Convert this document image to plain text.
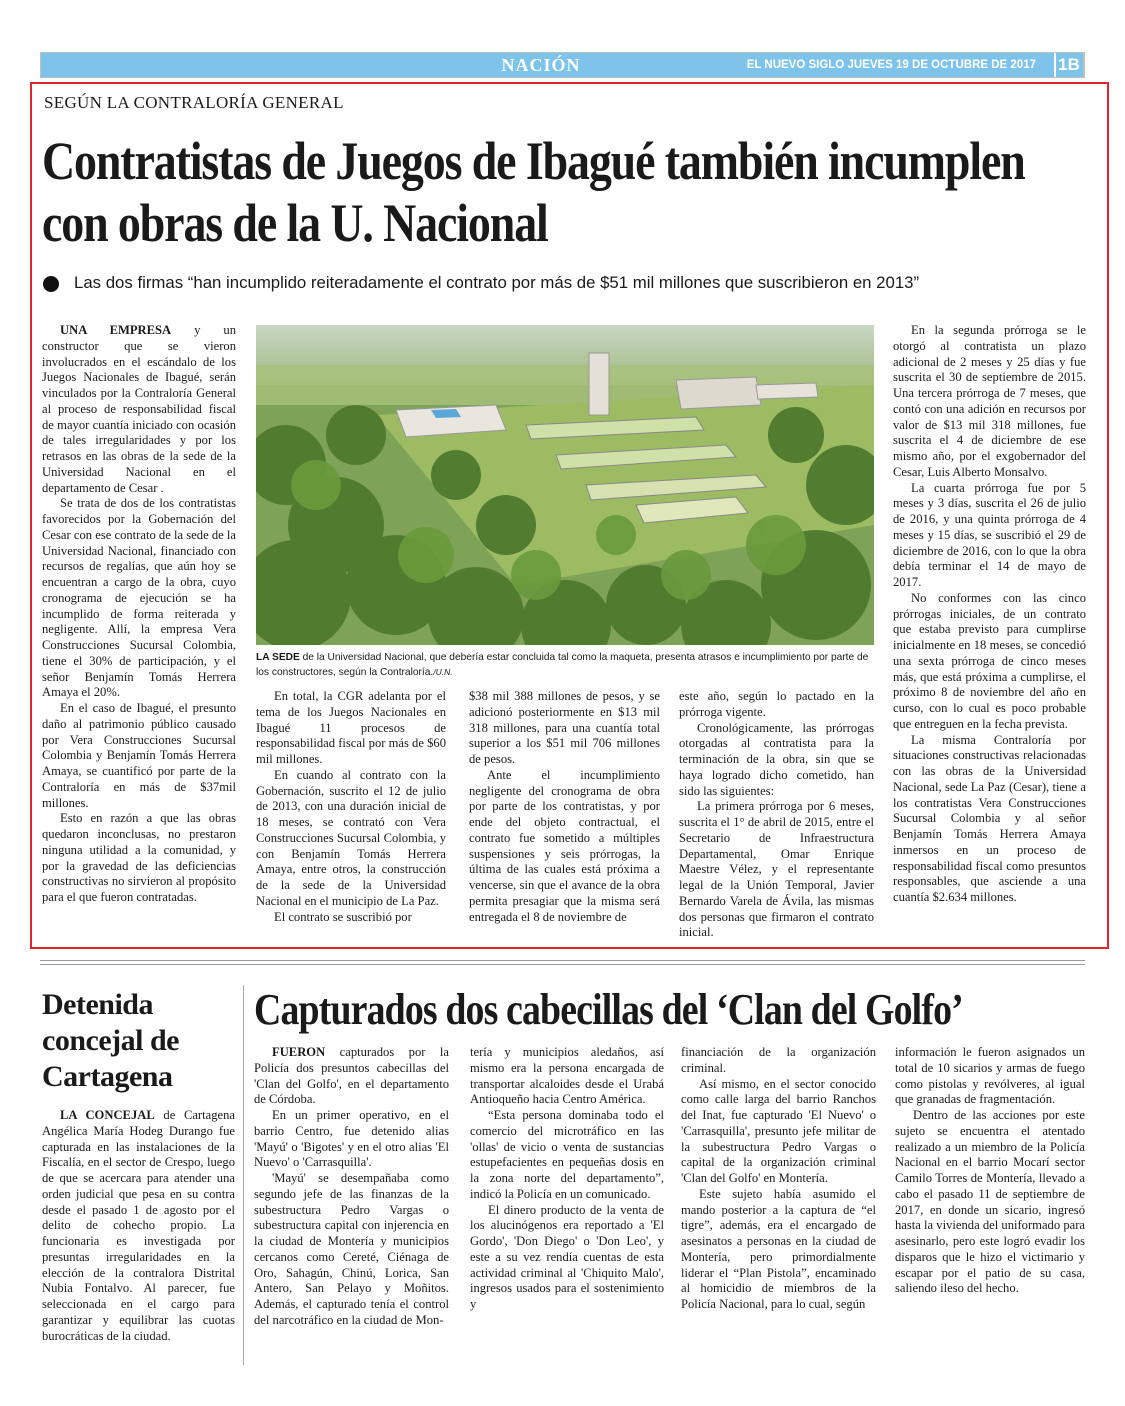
NACIÓN	EL NUEVO SIGLO JUEVES 19 DE OCTUBRE DE 2017 1B
SEGÚN LA CONTRALORÍA GENERAL
Contratistas de Juegos de Ibagué también incumplen con obras de la U. Nacional
Las dos firmas “han incumplido reiteradamente el contrato por más de $51 mil millones que suscribieron en 2013”

UNA EMPRESA y un constructor que se vieron involucrados en el escándalo de los Juegos Nacionales de Ibagué, serán vinculados por la Contraloría General al proceso de responsabilidad fiscal de mayor cuantía iniciado con ocasión de tales irregularidades y por los retrasos en las obras de la sede de la Universidad Nacional en el departamento de Cesar .

Se trata de dos de los contratistas favorecidos por la Gobernación del Cesar con ese contrato de la sede de la Universidad Nacional, financiado con recursos de regalías, que aún hoy se encuentran a cargo de la obra, cuyo cronograma de ejecución se ha incumplido de forma reiterada y negligente. Allí, la empresa Vera Construcciones Sucursal Colombia, tiene el 30% de participación, y el señor Benjamín Tomás Herrera Amaya el 20%.

En el caso de Ibagué, el presunto daño al patrimonio público causado por Vera Construcciones Sucursal Colombia y Benjamín Tomás Herrera Amaya, se cuantificó por parte de la Contraloría en más de $37mil millones.

Esto en razón a que las obras quedaron inconclusas, no prestaron ninguna utilidad a la comunidad, y por la gravedad de las deficiencias constructivas no sirvieron al propósito para el que fueron contratadas.

LA SEDE de la Universidad Nacional, que debería estar concluida tal como la maqueta, presenta atrasos e incumplimiento por parte de los constructores, según la Contraloría./U.N.

En total, la CGR adelanta por el tema de los Juegos Nacionales en Ibagué 11 procesos de responsabilidad fiscal por más de $60 mil millones.

En cuando al contrato con la Gobernación, suscrito el 12 de julio de 2013, con una duración inicial de 18 meses, se contrató con Vera Construcciones Sucursal Colombia, y con Benjamín Tomás Herrera Amaya, entre otros, la construcción de la sede de la Universidad Nacional en el municipio de La Paz.

El contrato se suscribió por

$38 mil 388 millones de pesos, y se adicionó posteriormente en $13 mil 318 millones, para una cuantía total superior a los $51 mil 706 millones de pesos.

Ante el incumplimiento negligente del cronograma de obra por parte de los contratistas, y por ende del objeto contractual, el contrato fue sometido a múltiples suspensiones y seis prórrogas, la última de las cuales está próxima a vencerse, sin que el avance de la obra permita presagiar que la misma será entregada el 8 de noviembre de

este año, según lo pactado en la prórroga vigente.

Cronológicamente, las prórrogas otorgadas al contratista para la terminación de la obra, sin que se haya logrado dicho cometido, han sido las siguientes:

La primera prórroga por 6 meses, suscrita el 1° de abril de 2015, entre el Secretario de Infraestructura Departamental, Omar Enrique Maestre Vélez, y el representante legal de la Unión Temporal, Javier Bernardo Varela de Ávila, las mismas dos personas que firmaron el contrato inicial.

En la segunda prórroga se le otorgó al contratista un plazo adicional de 2 meses y 25 días y fue suscrita el 30 de septiembre de 2015. Una tercera prórroga de 7 meses, que contó con una adición en recursos por valor de $13 mil 318 millones, fue suscrita el 4 de diciembre de ese mismo año, por el exgobernador del Cesar, Luis Alberto Monsalvo.

La cuarta prórroga fue por 5 meses y 3 días, suscrita el 26 de julio de 2016, y una quinta prórroga de 4 meses y 15 días, se suscribió el 29 de diciembre de 2016, con lo que la obra debía terminar el 14 de mayo de 2017.

No conformes con las cinco prórrogas iniciales, de un contrato que estaba previsto para cumplirse inicialmente en 18 meses, se concedió una sexta prórroga de cinco meses más, que está próxima a cumplirse, el próximo 8 de noviembre del año en curso, con lo cual es poco probable que entreguen en la fecha prevista.

La misma Contraloría por situaciones constructivas relacionadas con las obras de la Universidad Nacional, sede La Paz (Cesar), tiene a los contratistas Vera Construcciones Sucursal Colombia y al señor Benjamín Tomás Herrera Amaya inmersos en un proceso de responsabilidad fiscal como presuntos responsables, que asciende a una cuantía $2.634 millones.

Detenida concejal de Cartagena

LA CONCEJAL de Cartagena Angélica María Hodeg Durango fue capturada en las instalaciones de la Fiscalía, en el sector de Crespo, luego de que se acercara para atender una orden judicial que pesa en su contra desde el pasado 1 de agosto por el delito de cohecho propio. La funcionaria es investigada por presuntas irregularidades en la elección de la contralora Distrital Nubia Fontalvo. Al parecer, fue seleccionada en el cargo para garantizar y equilibrar las cuotas burocráticas de la ciudad.

Capturados dos cabecillas del ‘Clan del Golfo’

FUERON capturados por la Policía dos presuntos cabecillas del 'Clan del Golfo', en el departamento de Córdoba.

En un primer operativo, en el barrio Centro, fue detenido alias 'Mayú' o 'Bigotes' y en el otro alias 'El Nuevo' o 'Carrasquilla'.

'Mayú' se desempañaba como segundo jefe de las finanzas de la subestructura Pedro Vargas o subestructura capital con injerencia en la ciudad de Montería y municipios cercanos como Cereté, Ciénaga de Oro, Sahagún, Chinú, Lorica, San Antero, San Pelayo y Moñitos. Además, el capturado tenía el control del narcotráfico en la ciudad de Mon-

tería y municipios aledaños, así mismo era la persona encargada de transportar alcaloides desde el Urabá Antioqueño hacia Centro América.

“Esta persona dominaba todo el comercio del microtráfico en las 'ollas' de vicio o venta de sustancias estupefacientes en pequeñas dosis en la zona norte del departamento”, indicó la Policía en un comunicado.

El dinero producto de la venta de los alucinógenos era reportado a 'El Gordo', 'Don Diego' o 'Don Leo', y este a su vez rendía cuentas de esta actividad criminal al 'Chiquito Malo', ingresos usados para el sostenimiento y

financiación de la organización criminal.

Así mismo, en el sector conocido como calle larga del barrio Ranchos del Inat, fue capturado 'El Nuevo' o 'Carrasquilla', presunto jefe militar de la subestructura Pedro Vargas o capital de la organización criminal 'Clan del Golfo' en Montería.

Este sujeto había asumido el mando posterior a la captura de “el tigre”, además, era el encargado de asesinatos a personas en la ciudad de Montería, pero primordialmente liderar el “Plan Pistola”, encaminado al homicidio de miembros de la Policía Nacional, para lo cual, según

información le fueron asignados un total de 10 sicarios y armas de fuego como pistolas y revólveres, al igual que granadas de fragmentación.

Dentro de las acciones por este sujeto se encuentra el atentado realizado a un miembro de la Policía Nacional en el barrio Mocarí sector Camilo Torres de Montería, llevado a cabo el pasado 11 de septiembre de 2017, en donde un sicario, ingresó hasta la vivienda del uniformado para asesinarlo, pero este logró evadir los disparos que le hizo el victimario y escapar por el patio de su casa, saliendo ileso del hecho.
